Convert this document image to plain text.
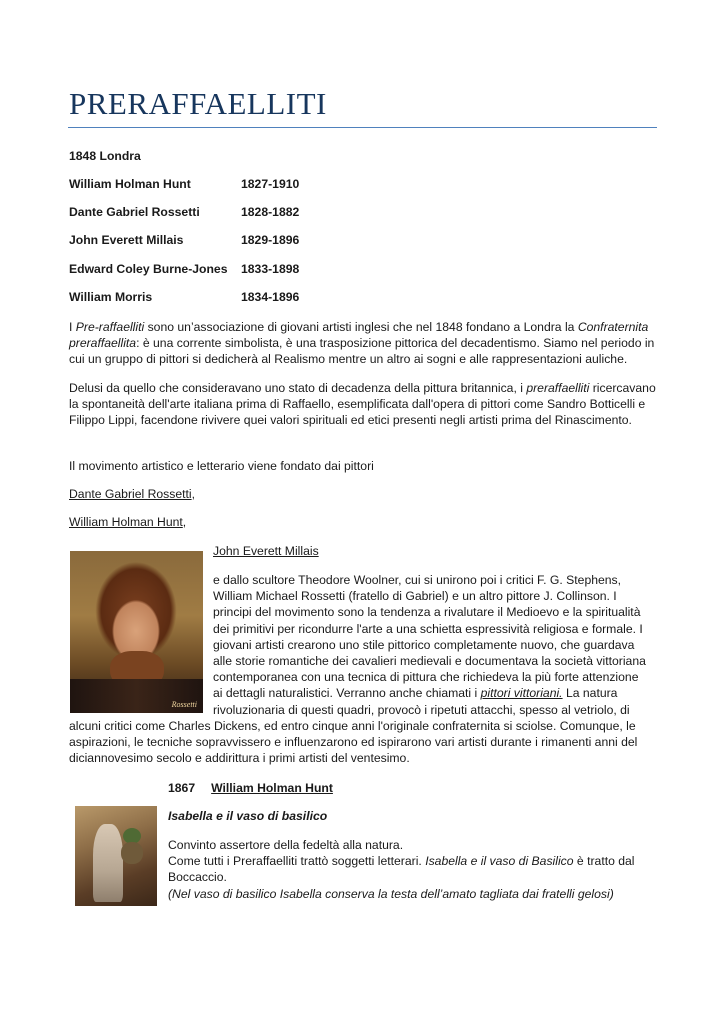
PRERAFFAELLITI
1848 Londra
William Holman Hunt	1827-1910
Dante Gabriel Rossetti	1828-1882
John Everett Millais	1829-1896
Edward Coley Burne-Jones 1833-1898
William Morris	1834-1896
I Pre-raffaelliti sono un’associazione di giovani artisti inglesi che nel 1848 fondano a Londra la Confraternita preraffaellita: è una corrente simbolista, è una trasposizione pittorica del decadentismo. Siamo nel periodo in cui un gruppo di pittori si dedicherà al Realismo mentre un altro ai sogni e alle rappresentazioni auliche.
Delusi da quello che consideravano uno stato di decadenza della pittura britannica, i preraffaelliti ricercavano la spontaneità dell'arte italiana prima di Raffaello, esemplificata dall'opera di pittori come Sandro Botticelli e Filippo Lippi, facendone rivivere quei valori spirituali ed etici presenti negli artisti prima del Rinascimento.
Il movimento artistico e letterario viene fondato dai pittori
Dante Gabriel Rossetti,
William Holman Hunt,
Rossetti
John Everett Millais
e dallo scultore Theodore Woolner, cui si unirono poi i critici F. G. Stephens,
William Michael Rossetti (fratello di Gabriel) e un altro pittore J. Collinson. I
principi del movimento sono la tendenza a rivalutare il Medioevo e la spiritualità
dei primitivi per ricondurre l'arte a una schietta espressività religiosa e formale. I
giovani artisti crearono uno stile pittorico completamente nuovo, che guardava
alle storie romantiche dei cavalieri medievali e documentava la società vittoriana
contemporanea con una tecnica di pittura che richiedeva la più forte attenzione
ai dettagli naturalistici. Verranno anche chiamati i pittori vittoriani. La natura
rivoluzionaria di questi quadri, provocò i ripetuti attacchi, spesso al vetriolo, di
alcuni critici come Charles Dickens, ed entro cinque anni l'originale confraternita si sciolse. Comunque, le
aspirazioni, le tecniche sopravvissero e influenzarono ed ispirarono vari artisti durante i rimanenti anni del
diciannovesimo secolo e addirittura i primi artisti del ventesimo.
1867 William Holman Hunt
Isabella e il vaso di basilico
Convinto assertore della fedeltà alla natura.
Come tutti i Preraffaelliti trattò soggetti letterari. Isabella e il vaso di Basilico è tratto dal
Boccaccio.
(Nel vaso di basilico Isabella conserva la testa dell’amato tagliata dai fratelli gelosi)
